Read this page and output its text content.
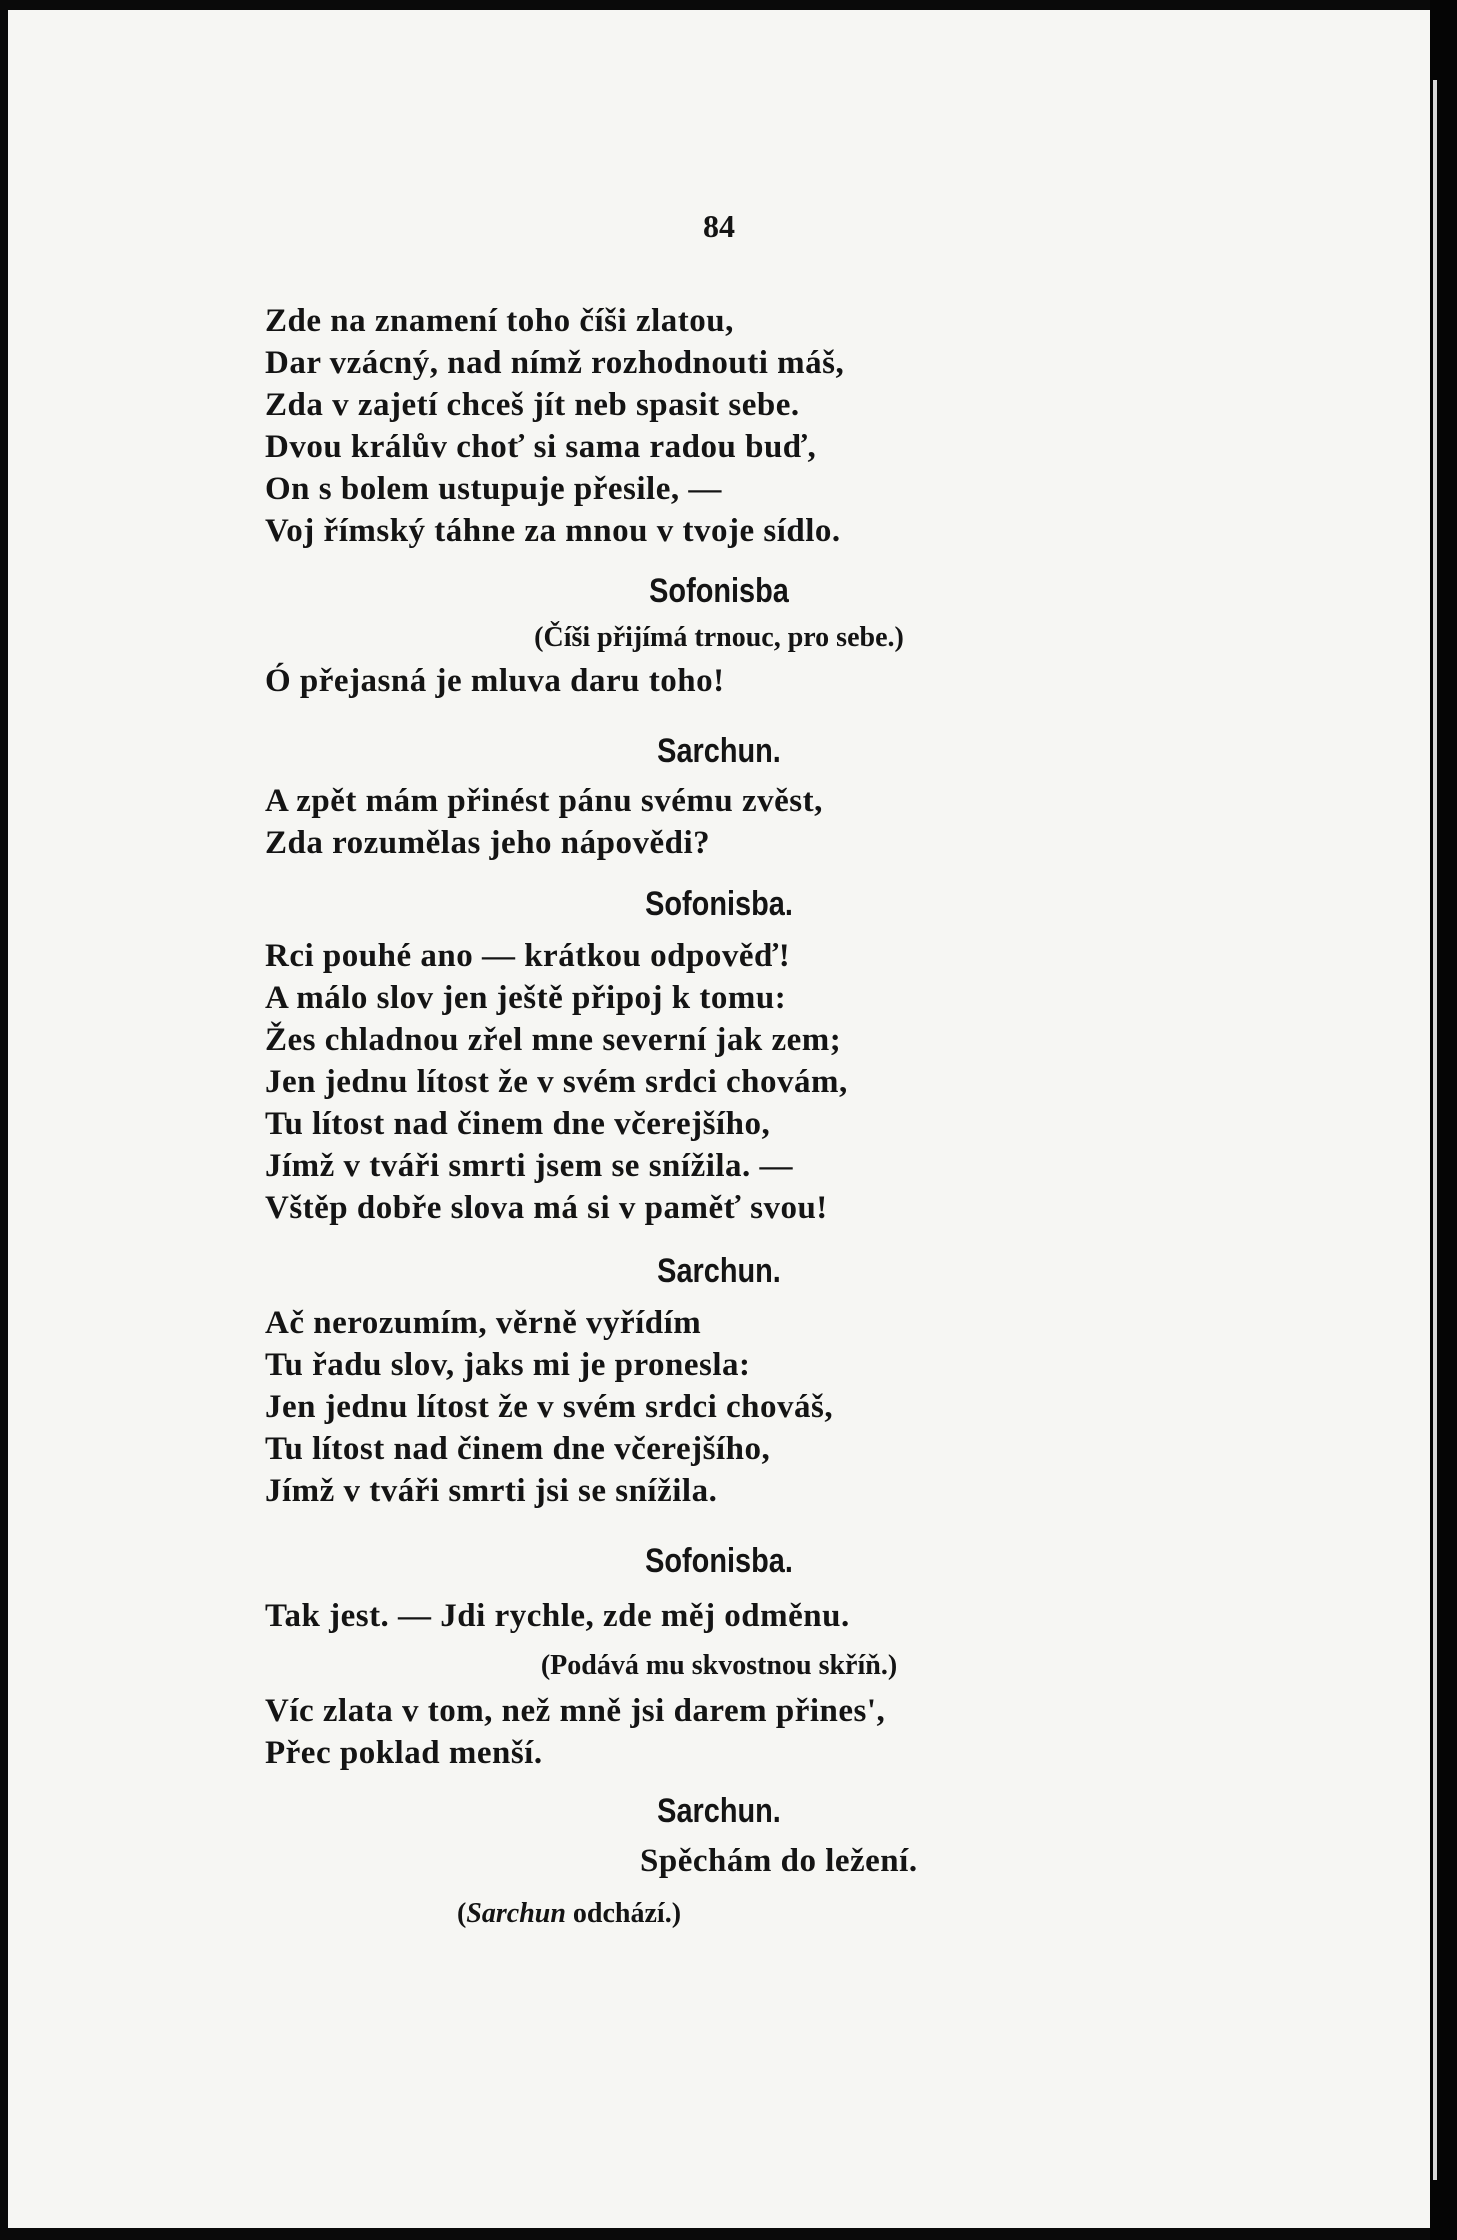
84
Zde na znamení toho číši zlatou,
Dar vzácný, nad nímž rozhodnouti máš,
Zda v zajetí chceš jít neb spasit sebe.
Dvou králův choť si sama radou buď,
On s bolem ustupuje přesile, —
Voj římský táhne za mnou v tvoje sídlo.
Sofonisba
(Číši přijímá trnouc, pro sebe.)
Ó přejasná je mluva daru toho!
Sarchun.
A zpět mám přinést pánu svému zvěst,
Zda rozumělas jeho nápovědi?
Sofonisba.
Rci pouhé ano — krátkou odpověď!
A málo slov jen ještě připoj k tomu:
Žes chladnou zřel mne severní jak zem;
Jen jednu lítost že v svém srdci chovám,
Tu lítost nad činem dne včerejšího,
Jímž v tváři smrti jsem se snížila. —
Vštěp dobře slova má si v paměť svou!
Sarchun.
Ač nerozumím, věrně vyřídím
Tu řadu slov, jaks mi je pronesla:
Jen jednu lítost že v svém srdci chováš,
Tu lítost nad činem dne včerejšího,
Jímž v tváři smrti jsi se snížila.
Sofonisba.
Tak jest. — Jdi rychle, zde měj odměnu.
(Podává mu skvostnou skříň.)
Víc zlata v tom, než mně jsi darem přines',
Přec poklad menší.
Sarchun.
Spěchám do ležení.
(Sarchun odchází.)
